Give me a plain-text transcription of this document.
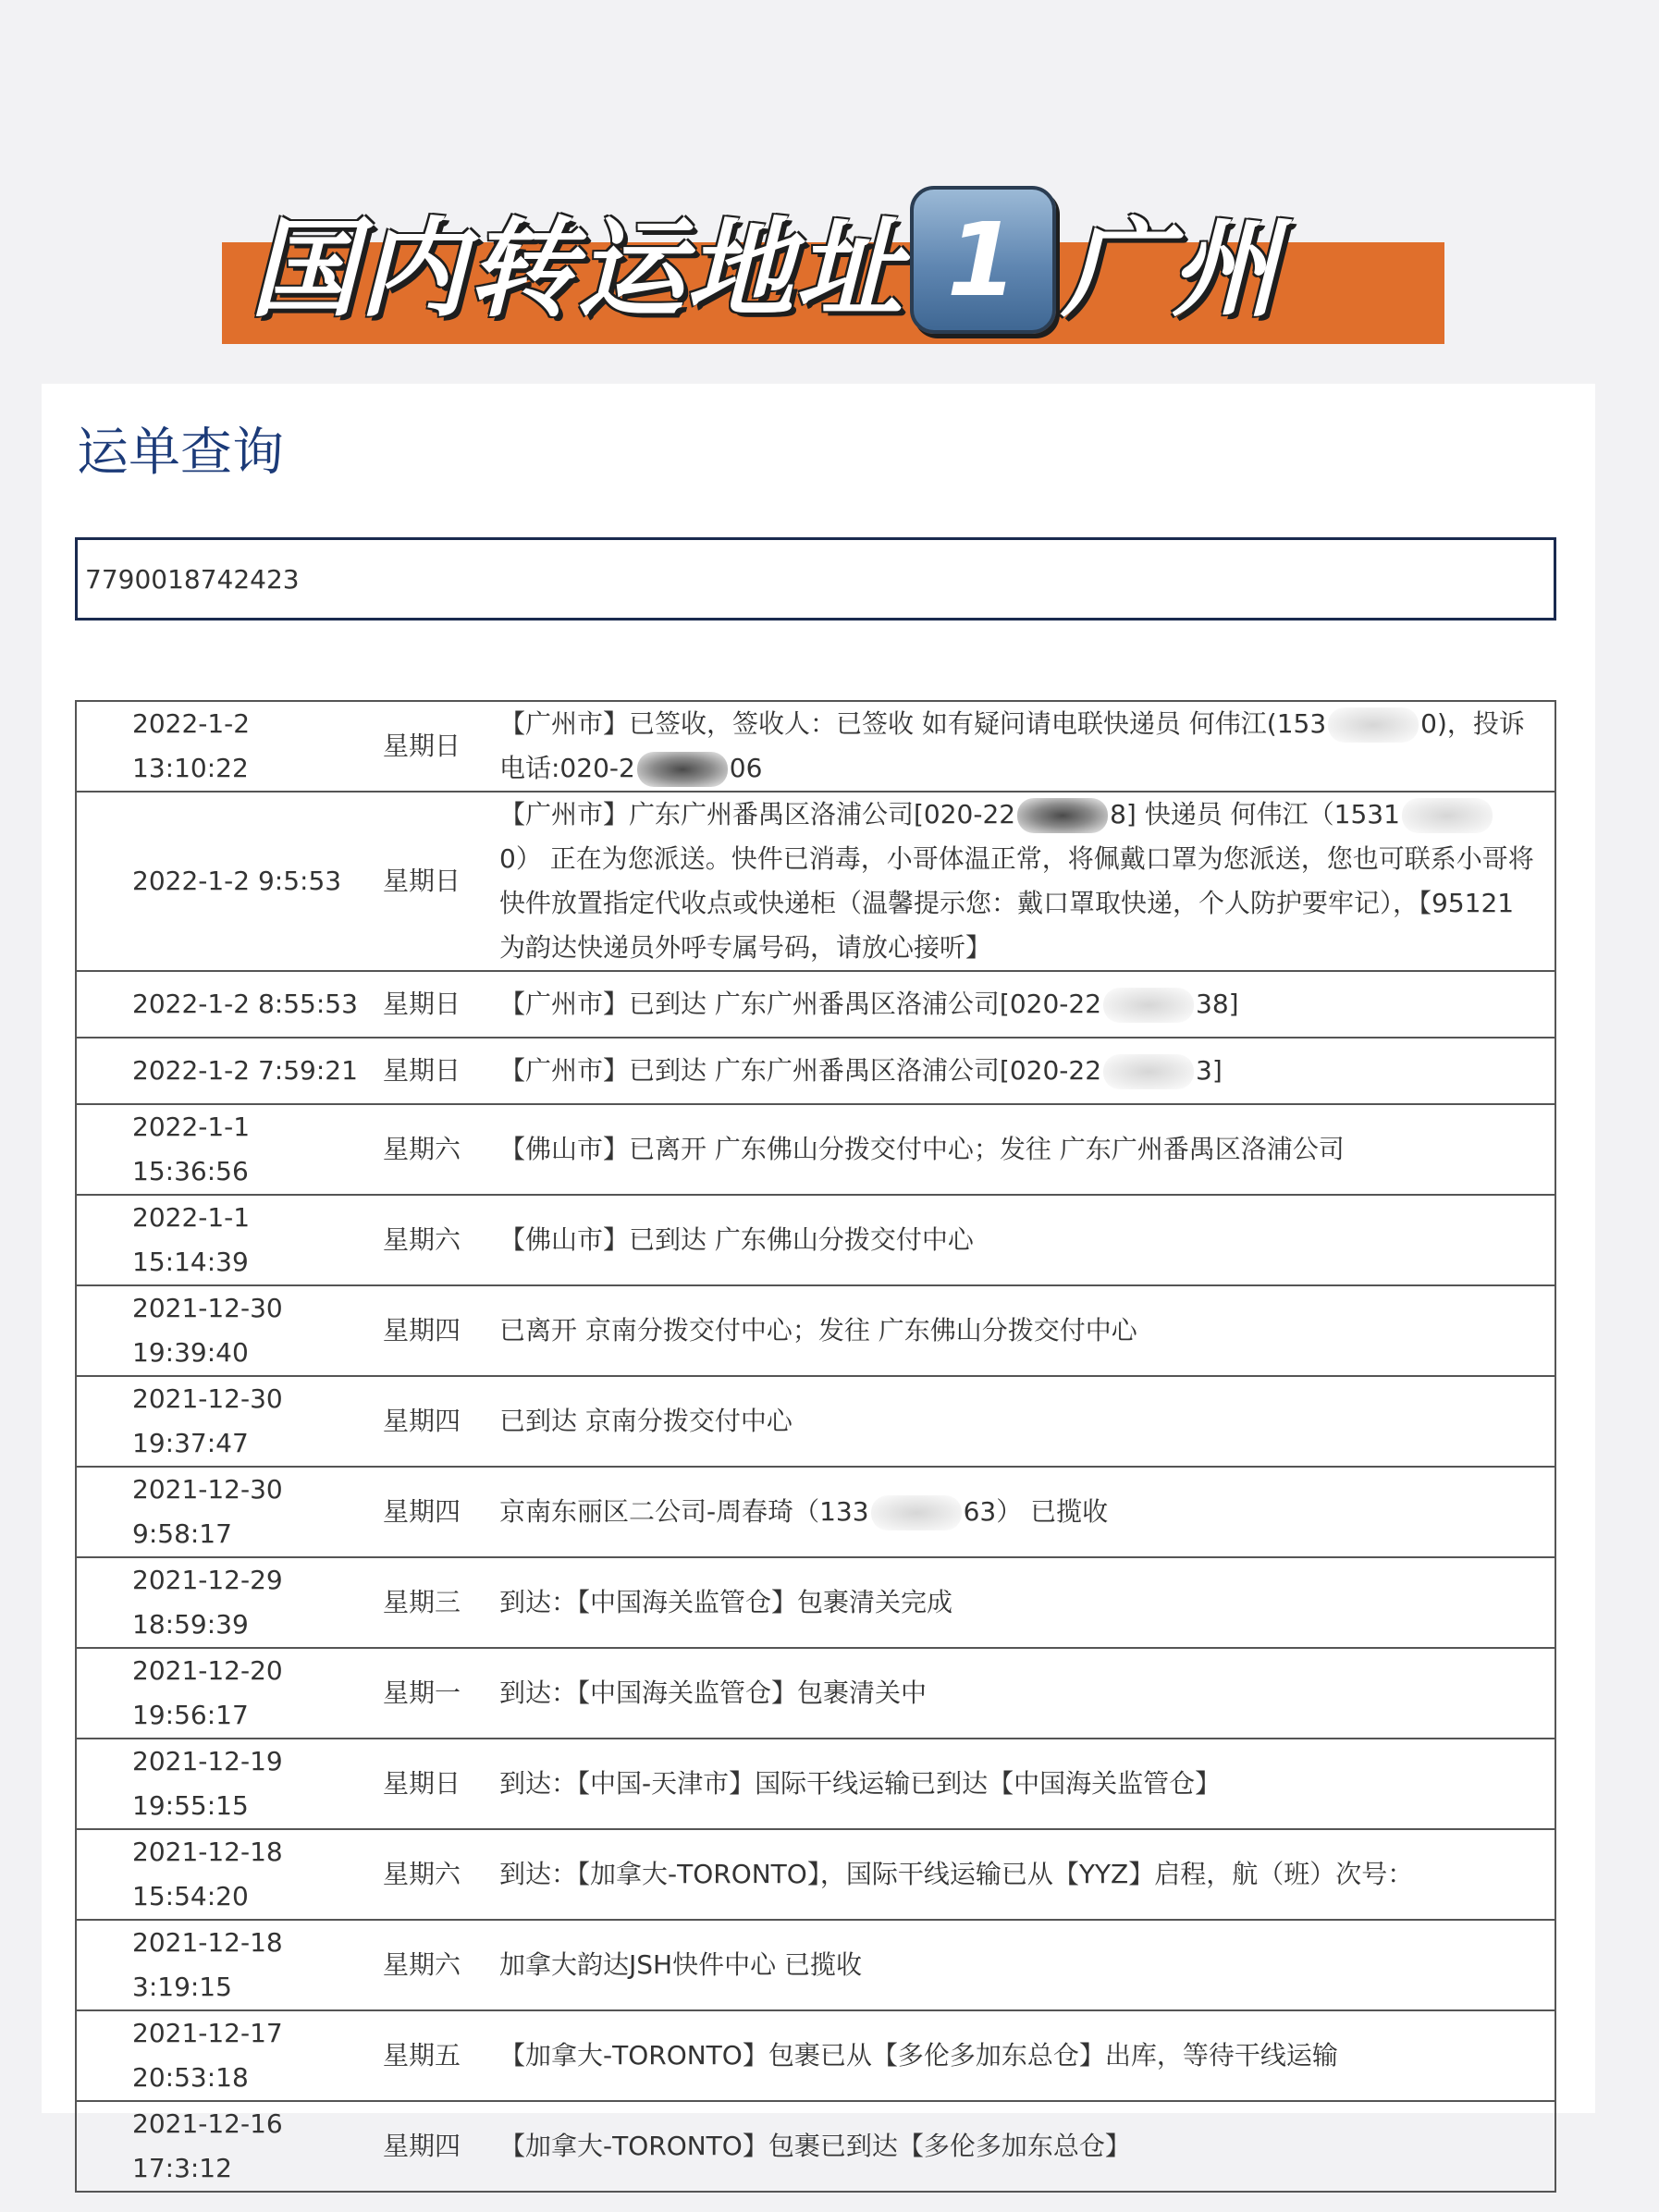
国内转运地址 1 广州
运单查询
7790018742423
2022-1-2 13:10:22	星期日	【广州市】已签收，签收人：已签收 如有疑问请电联快递员 何伟江(153 0)，投诉电话:020-2 06
2022-1-2 9:5:53	星期日	【广州市】广东广州番禺区洛浦公司[020-22 8] 快递员 何伟江（15310） 正在为您派送。快件已消毒，小哥体温正常，将佩戴口罩为您派送，您也可联系小哥将快件放置指定代收点或快递柜（温馨提示您：戴口罩取快递，个人防护要牢记），【95121为韵达快递员外呼专属号码，请放心接听】
2022-1-2 8:55:53	星期日	【广州市】已到达 广东广州番禺区洛浦公司[020-22 38]
2022-1-2 7:59:21	星期日	【广州市】已到达 广东广州番禺区洛浦公司[020-22 3]
2022-1-1 15:36:56	星期六	【佛山市】已离开 广东佛山分拨交付中心；发往 广东广州番禺区洛浦公司
2022-1-1 15:14:39	星期六	【佛山市】已到达 广东佛山分拨交付中心
2021-12-30 19:39:40	星期四	已离开 京南分拨交付中心；发往 广东佛山分拨交付中心
2021-12-30 19:37:47	星期四	已到达 京南分拨交付中心
2021-12-30 9:58:17	星期四	京南东丽区二公司-周春琦（133 63） 已揽收
2021-12-29 18:59:39	星期三	到达：【中国海关监管仓】包裹清关完成
2021-12-20 19:56:17	星期一	到达：【中国海关监管仓】包裹清关中
2021-12-19 19:55:15	星期日	到达：【中国-天津市】国际干线运输已到达【中国海关监管仓】
2021-12-18 15:54:20	星期六	到达：【加拿大-TORONTO】，国际干线运输已从【YYZ】启程，航（班）次号：
2021-12-18 3:19:15	星期六	加拿大韵达JSH快件中心 已揽收
2021-12-17 20:53:18	星期五	【加拿大-TORONTO】包裹已从【多伦多加东总仓】出库，等待干线运输
2021-12-16 17:3:12	星期四	【加拿大-TORONTO】包裹已到达【多伦多加东总仓】
